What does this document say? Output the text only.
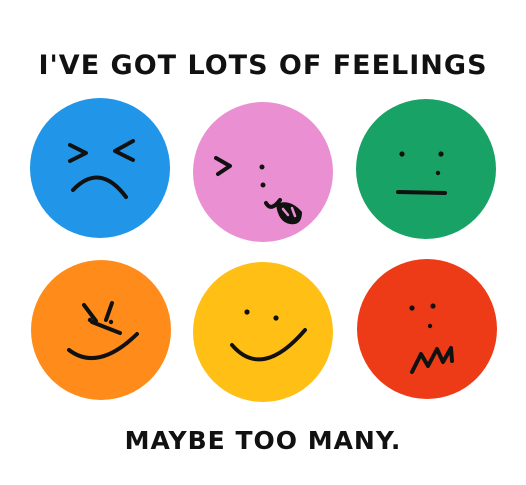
I'VE GOT LOTS OF FEELINGS
MAYBE TOO MANY.
